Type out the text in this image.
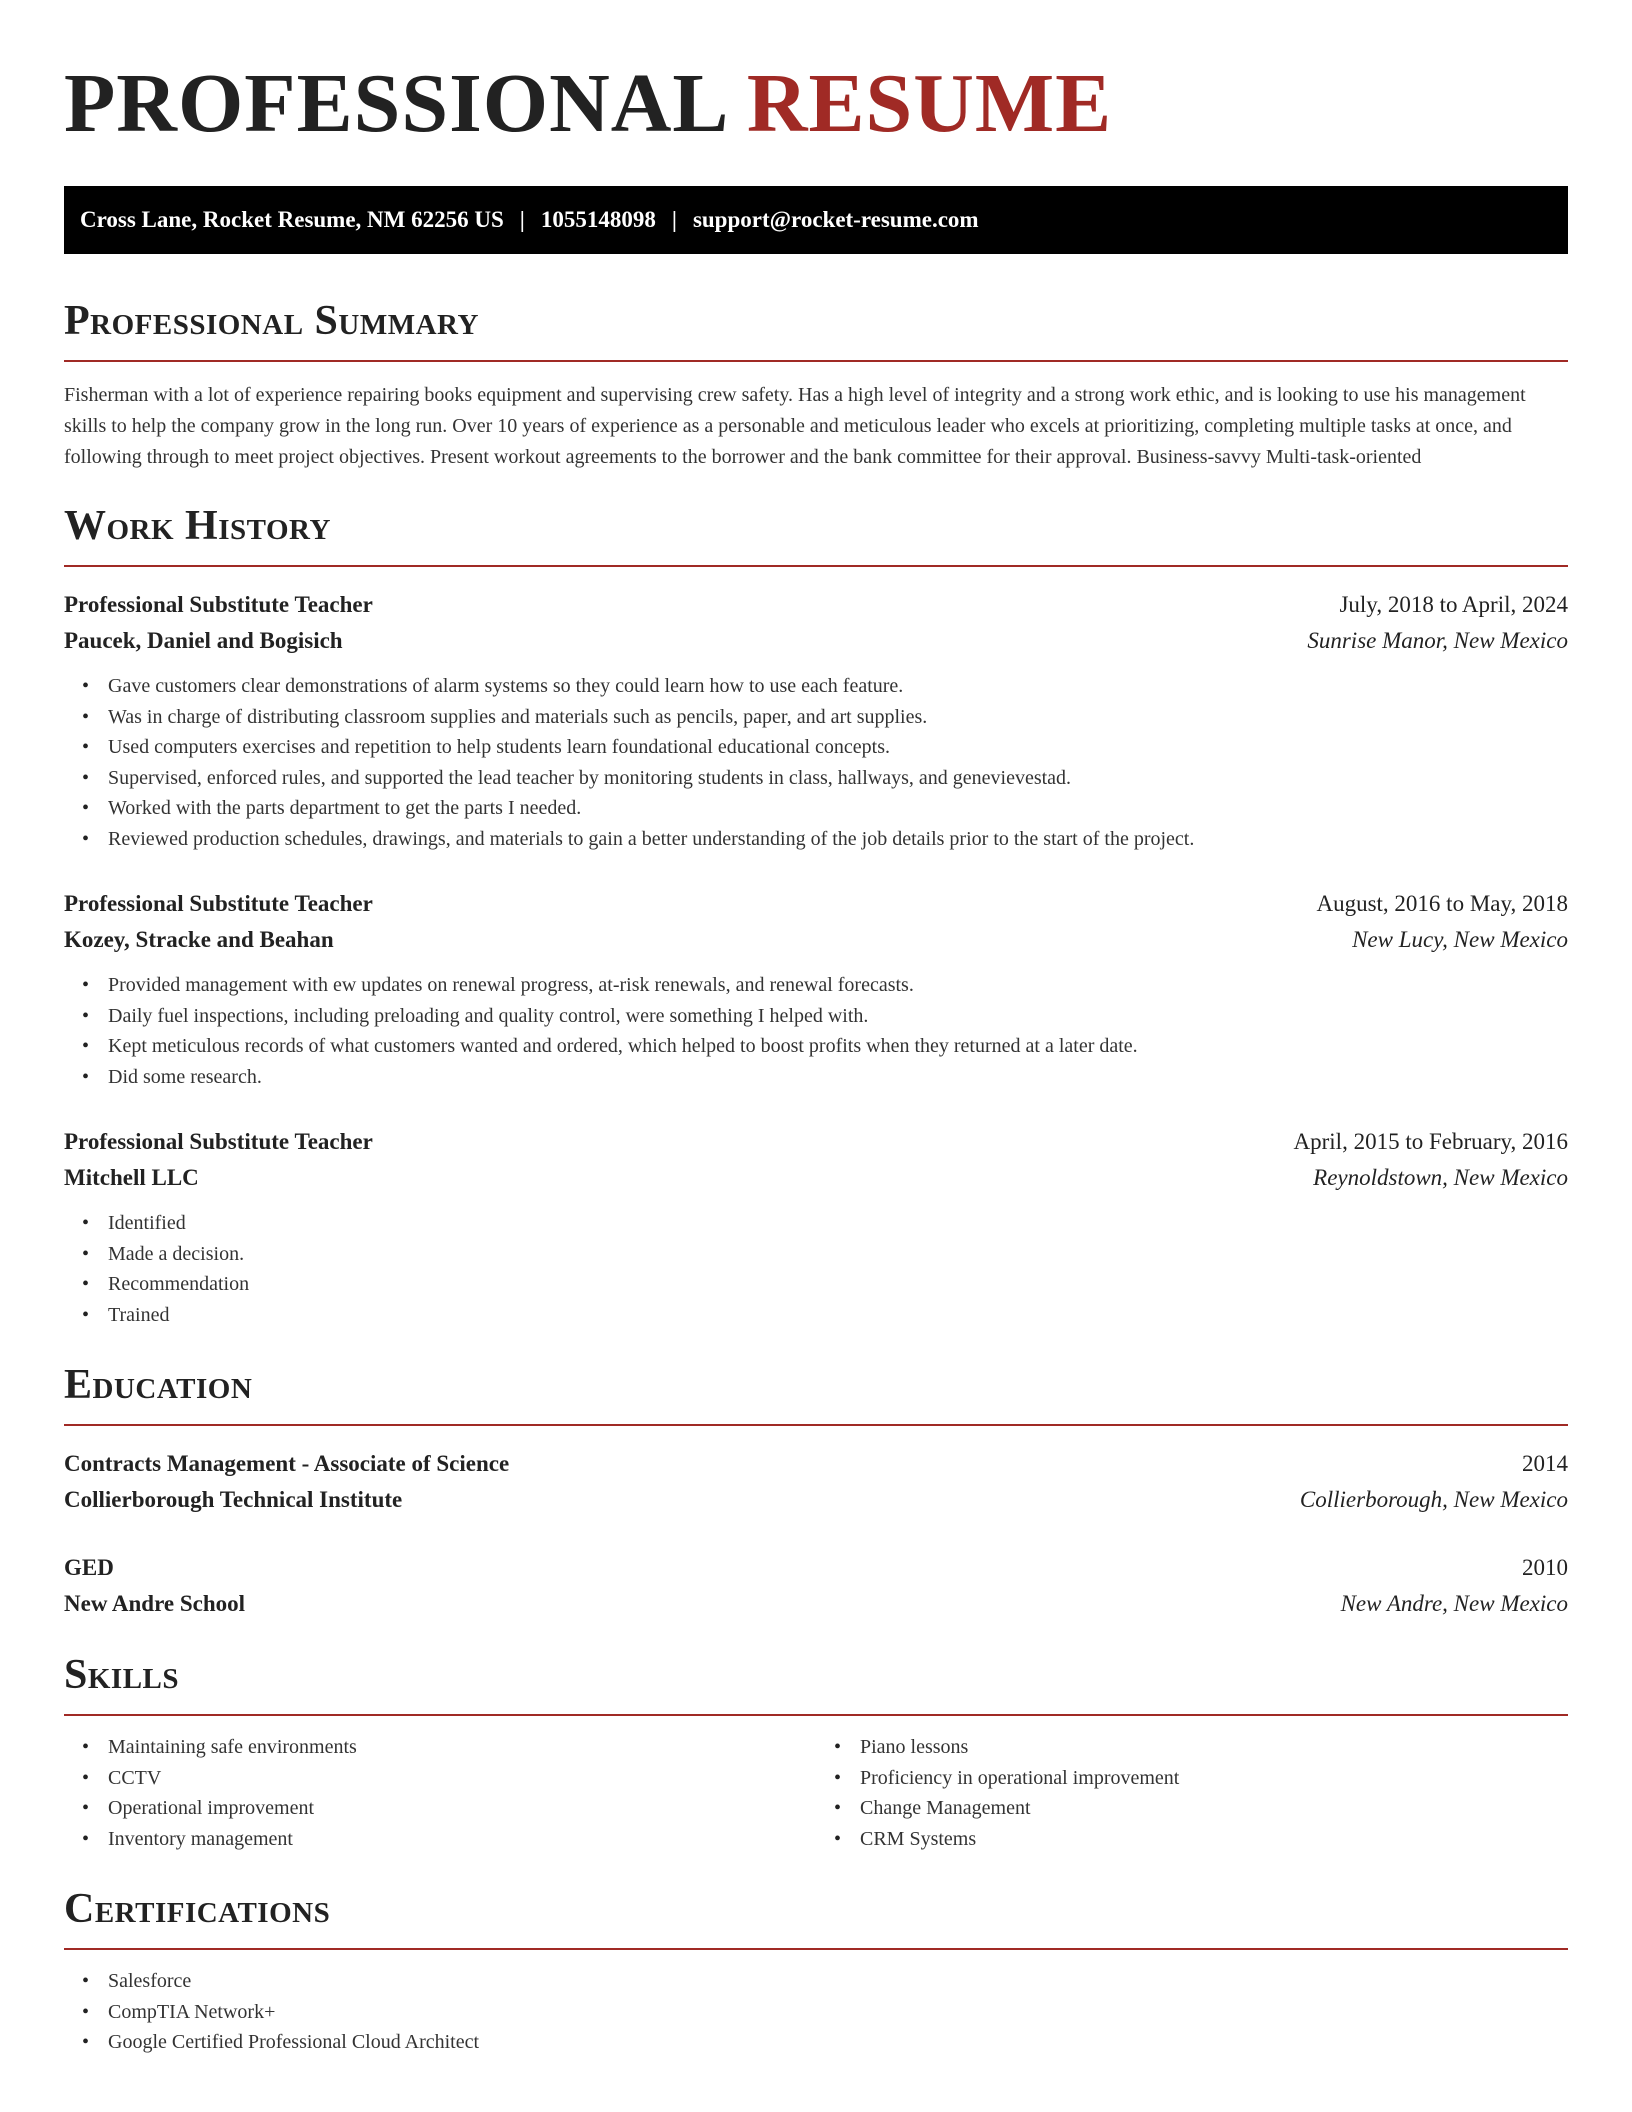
PROFESSIONAL RESUME
Cross Lane, Rocket Resume, NM 62256 US | 1055148098 | support@rocket-resume.com
Professional Summary

Fisherman with a lot of experience repairing books equipment and supervising crew safety. Has a high level of integrity and a strong work ethic, and is looking to use his management skills to help the company grow in the long run. Over 10 years of experience as a personable and meticulous leader who excels at prioritizing, completing multiple tasks at once, and following through to meet project objectives. Present workout agreements to the borrower and the bank committee for their approval. Business-savvy Multi-task-oriented

Work History
Professional Substitute Teacher	July, 2018 to April, 2024
Paucek, Daniel and Bogisich	Sunrise Manor, New Mexico
• Gave customers clear demonstrations of alarm systems so they could learn how to use each feature.
• Was in charge of distributing classroom supplies and materials such as pencils, paper, and art supplies.
• Used computers exercises and repetition to help students learn foundational educational concepts.
• Supervised, enforced rules, and supported the lead teacher by monitoring students in class, hallways, and genevievestad.
• Worked with the parts department to get the parts I needed.
• Reviewed production schedules, drawings, and materials to gain a better understanding of the job details prior to the start of the project.
Professional Substitute Teacher	August, 2016 to May, 2018
Kozey, Stracke and Beahan	New Lucy, New Mexico
• Provided management with ew updates on renewal progress, at-risk renewals, and renewal forecasts.
• Daily fuel inspections, including preloading and quality control, were something I helped with.
• Kept meticulous records of what customers wanted and ordered, which helped to boost profits when they returned at a later date.
• Did some research.
Professional Substitute Teacher	April, 2015 to February, 2016
Mitchell LLC	Reynoldstown, New Mexico
• Identified
• Made a decision.
• Recommendation
• Trained
Education
Contracts Management - Associate of Science	2014
Collierborough Technical Institute	Collierborough, New Mexico
GED	2010
New Andre School	New Andre, New Mexico
Skills
• Maintaining safe environments
• CCTV
• Operational improvement
• Inventory management
• Piano lessons
• Proficiency in operational improvement
• Change Management
• CRM Systems
Certifications
• Salesforce
• CompTIA Network+
• Google Certified Professional Cloud Architect
